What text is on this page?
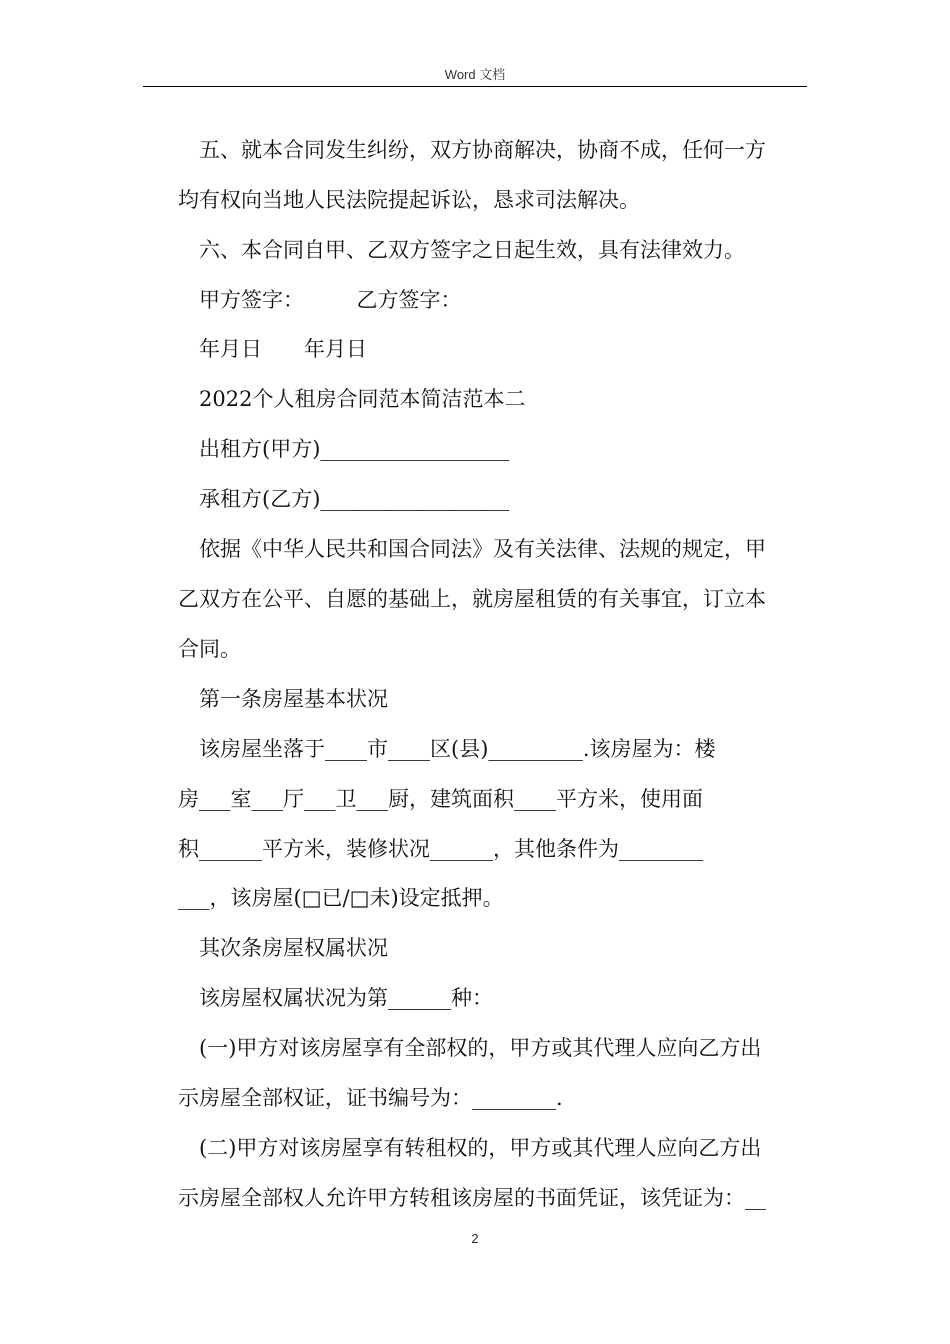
Word 文档
五、就本合同发生纠纷，双方协商解决，协商不成，任何一方
均有权向当地人民法院提起诉讼，恳求司法解决。
六、本合同自甲、乙双方签字之日起生效，具有法律效力。
甲方签字：　　　乙方签字：
年月日　　年月日
2022个人租房合同范本简洁范本二
出租方(甲方)__________________
承租方(乙方)__________________
依据《中华人民共和国合同法》及有关法律、法规的规定，甲
乙双方在公平、自愿的基础上，就房屋租赁的有关事宜，订立本
合同。
第一条房屋基本状况
该房屋坐落于____市____区(县)_________.该房屋为：楼
房___室___厅___卫___厨，建筑面积____平方米，使用面
积______平方米，装修状况______，其他条件为________
___，该房屋(□已/□未)设定抵押。
其次条房屋权属状况
该房屋权属状况为第______种：
(一)甲方对该房屋享有全部权的，甲方或其代理人应向乙方出
示房屋全部权证，证书编号为：________.
(二)甲方对该房屋享有转租权的，甲方或其代理人应向乙方出
示房屋全部权人允许甲方转租该房屋的书面凭证，该凭证为：__
2
